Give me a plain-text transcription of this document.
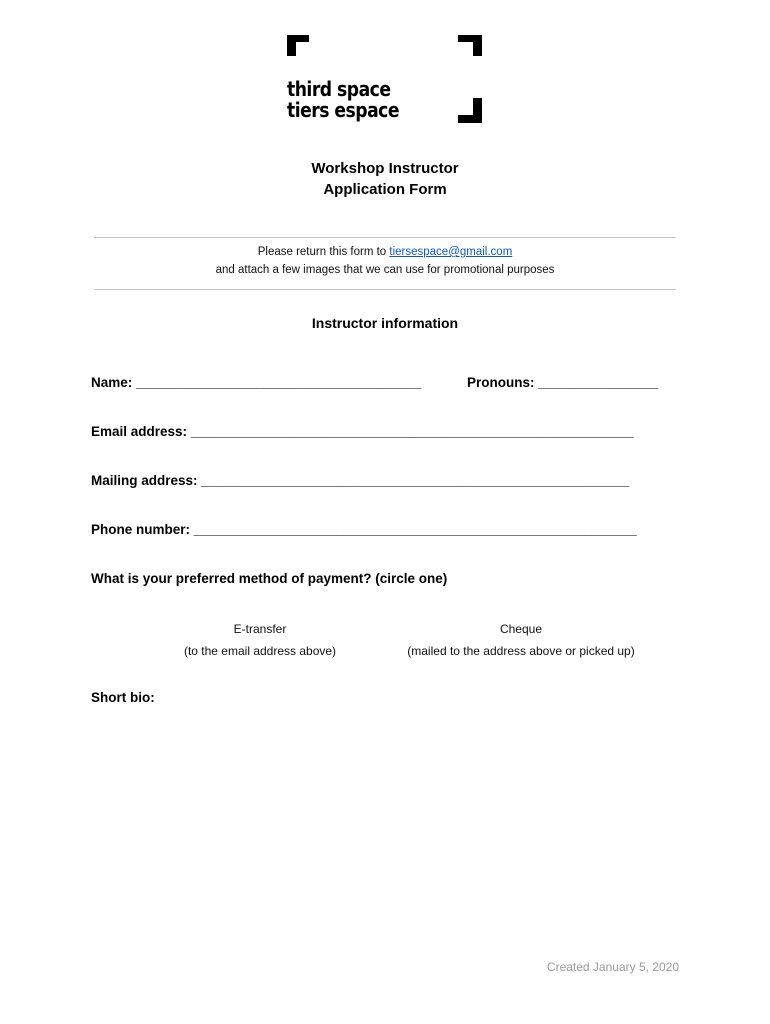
third space
tiers espace
Workshop Instructor
Application Form
Please return this form to tiersespace@gmail.com
and attach a few images that we can use for promotional purposes
Instructor information
Name: ______________________________________	Pronouns: ________________
Email address: ___________________________________________________________
Mailing address: _________________________________________________________
Phone number: ___________________________________________________________
What is your preferred method of payment? (circle one)
E-transfer
(to the email address above)
Cheque
(mailed to the address above or picked up)
Short bio:
Created January 5, 2020
